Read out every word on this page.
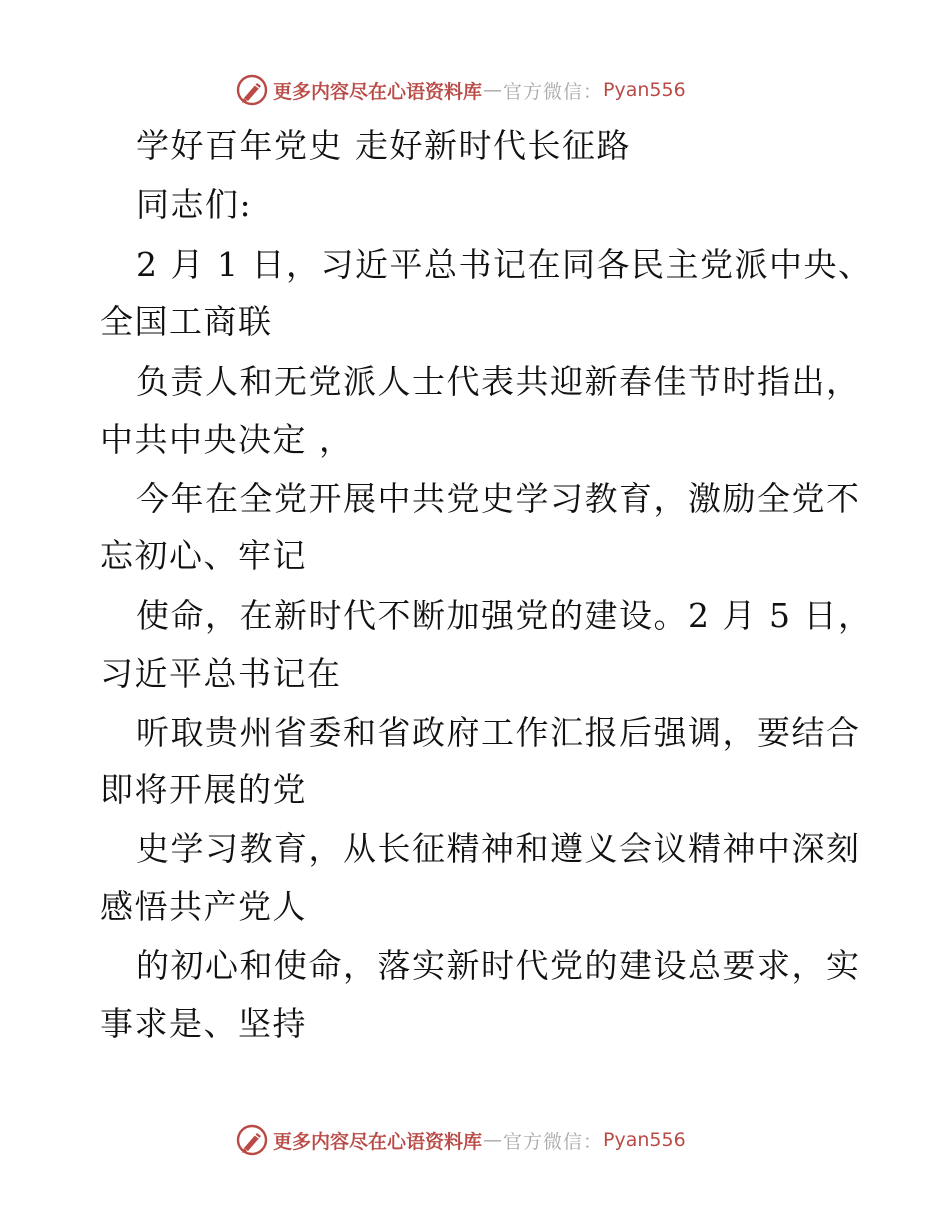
更多内容尽在心语资料库 — 官方微信： Pyan556
学好百年党史 走好新时代长征路
同志们:
2 月 1 日，习近平总书记在同各民主党派中央、
全国工商联
负责人和无党派人士代表共迎新春佳节时指出，
中共中央决定 ，
今年在全党开展中共党史学习教育，激励全党不
忘初心、牢记
使命，在新时代不断加强党的建设。2 月 5 日，
习近平总书记在
听取贵州省委和省政府工作汇报后强调，要结合
即将开展的党
史学习教育，从长征精神和遵义会议精神中深刻
感悟共产党人
的初心和使命，落实新时代党的建设总要求，实
事求是、坚持
更多内容尽在心语资料库 — 官方微信： Pyan556
